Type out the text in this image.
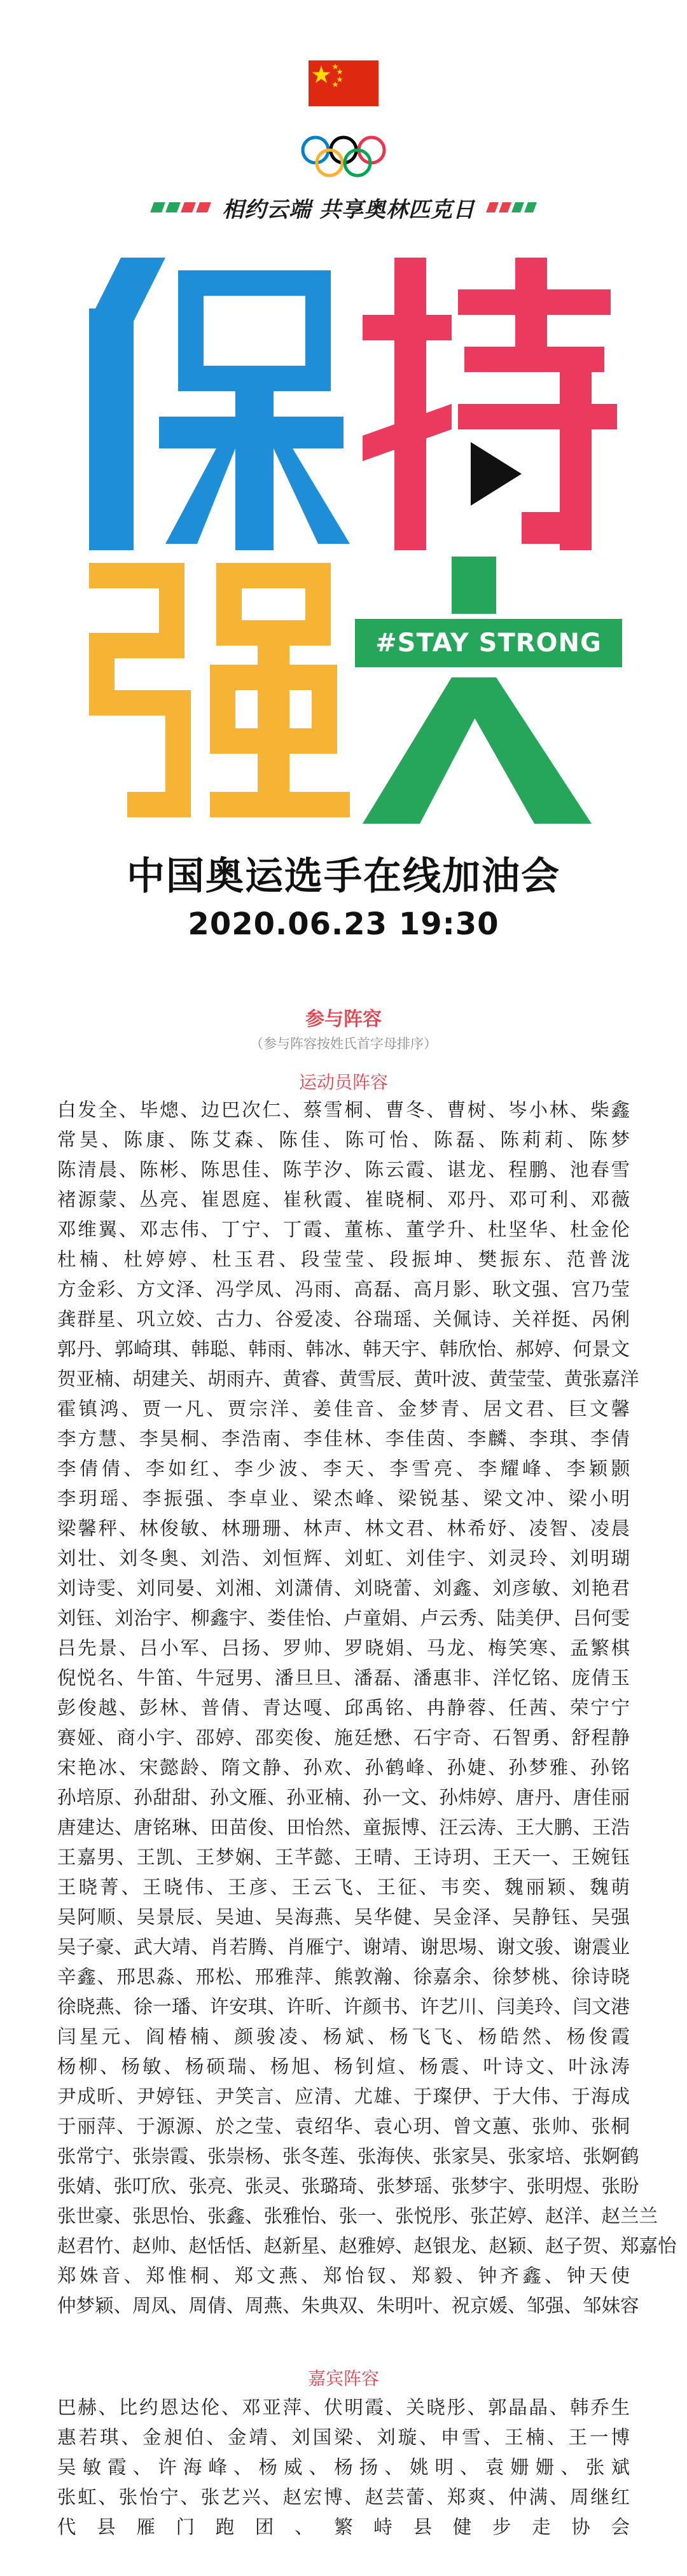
相约云端 共享奥林匹克日
#STAY STRONG
中国奥运选手在线加油会
2020.06.23 19:30
参与阵容
（参与阵容按姓氏首字母排序）
运动员阵容
白发全、毕熜、边巴次仁、蔡雪桐、曹冬、曹树、岑小林、柴鑫
常昊、陈康、陈艾森、陈佳、陈可怡、陈磊、陈莉莉、陈梦
陈清晨、陈彬、陈思佳、陈芋汐、陈云霞、谌龙、程鹏、池春雪
褚源蒙、丛亮、崔恩庭、崔秋霞、崔晓桐、邓丹、邓可利、邓薇
邓维翼、邓志伟、丁宁、丁霞、董栋、董学升、杜坚华、杜金伦
杜楠、杜婷婷、杜玉君、段莹莹、段振坤、樊振东、范普泷
方金彩、方文泽、冯学凤、冯雨、高磊、高月影、耿文强、宫乃莹
龚群星、巩立姣、古力、谷爱凌、谷瑞瑶、关佩诗、关祥挺、呙俐
郭丹、郭崎琪、韩聪、韩雨、韩冰、韩天宇、韩欣怡、郝婷、何景文
贺亚楠、胡建关、胡雨卉、黄睿、黄雪辰、黄叶波、黄莹莹、黄张嘉洋
霍镇鸿、贾一凡、贾宗洋、姜佳音、金梦青、居文君、巨文馨
李方慧、李昊桐、李浩南、李佳林、李佳茵、李麟、李琪、李倩
李倩倩、李如红、李少波、李天、李雪亮、李耀峰、李颖颢
李玥瑶、李振强、李卓业、梁杰峰、梁锐基、梁文冲、梁小明
梁馨秤、林俊敏、林珊珊、林声、林文君、林希妤、凌智、凌晨
刘壮、刘冬奥、刘浩、刘恒辉、刘虹、刘佳宇、刘灵玲、刘明瑚
刘诗雯、刘同晏、刘湘、刘潇倩、刘晓蕾、刘鑫、刘彦敏、刘艳君
刘钰、刘治宇、柳鑫宇、娄佳怡、卢童娟、卢云秀、陆美伊、吕何雯
吕先景、吕小军、吕扬、罗帅、罗晓娟、马龙、梅笑寒、孟繁棋
倪悦名、牛笛、牛冠男、潘旦旦、潘磊、潘惠非、洋忆铭、庞倩玉
彭俊越、彭林、普倩、青达嘎、邱禹铭、冉静蓉、任茜、荣宁宁
赛娅、商小宇、邵婷、邵奕俊、施廷懋、石宇奇、石智勇、舒程静
宋艳冰、宋懿龄、隋文静、孙欢、孙鹤峰、孙婕、孙梦雅、孙铭
孙培原、孙甜甜、孙文雁、孙亚楠、孙一文、孙炜婷、唐丹、唐佳丽
唐建达、唐铭琳、田苗俊、田怡然、童振博、汪云涛、王大鹏、王浩
王嘉男、王凯、王梦娴、王芊懿、王晴、王诗玥、王天一、王婉钰
王晓菁、王晓伟、王彦、王云飞、王征、韦奕、魏丽颖、魏萌
吴阿顺、吴景辰、吴迪、吴海燕、吴华健、吴金泽、吴静钰、吴强
吴子豪、武大靖、肖若腾、肖雁宁、谢靖、谢思埸、谢文骏、谢震业
辛鑫、邢思淼、邢松、邢雅萍、熊敦瀚、徐嘉余、徐梦桃、徐诗晓
徐晓燕、徐一璠、许安琪、许昕、许颜书、许艺川、闫美玲、闫文港
闫星元、阎椿楠、颜骏凌、杨斌、杨飞飞、杨皓然、杨俊霞
杨柳、杨敏、杨硕瑞、杨旭、杨钊煊、杨震、叶诗文、叶泳涛
尹成昕、尹婷钰、尹笑言、应清、尤雄、于璨伊、于大伟、于海成
于丽萍、于源源、於之莹、袁绍华、袁心玥、曾文蕙、张帅、张桐
张常宁、张崇霞、张崇杨、张冬莲、张海侠、张家昊、张家培、张婀鹤
张婧、张叮欣、张亮、张灵、张璐琦、张梦瑶、张梦宇、张明煜、张盼
张世豪、张思怡、张鑫、张雅怡、张一、张悦彤、张芷婷、赵洋、赵兰兰
赵君竹、赵帅、赵恬恬、赵新星、赵雅婷、赵银龙、赵颖、赵子贺、郑嘉怡
郑姝音、郑惟桐、郑文燕、郑怡钗、郑毅、钟齐鑫、钟天使
仲梦颖、周凤、周倩、周燕、朱典双、朱明叶、祝京媛、邹强、邹妹容
嘉宾阵容
巴赫、比约恩达伦、邓亚萍、伏明霞、关晓彤、郭晶晶、韩乔生
惠若琪、金昶伯、金靖、刘国梁、刘璇、申雪、王楠、王一博
吴敏霞、许海峰、杨威、杨扬、姚明、袁姗姗、张斌
张虹、张怡宁、张艺兴、赵宏博、赵芸蕾、郑爽、仲满、周继红
代县雁门跑团、繁峙县健步走协会
